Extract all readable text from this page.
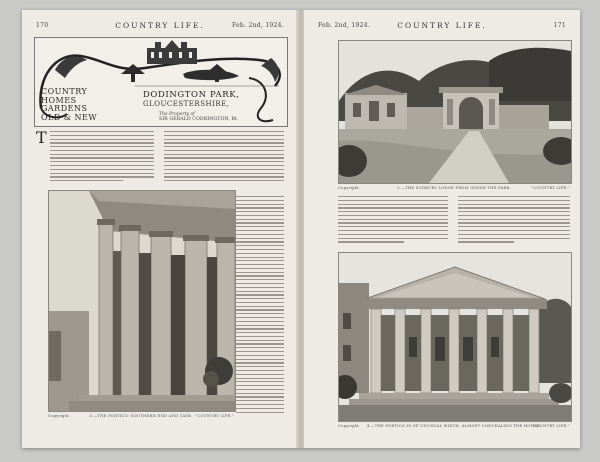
170	COUNTRY LIFE.	Feb. 2nd, 1924.
COUNTRY
HOMES
GARDENS
OLD & NEW
DODINGTON PARK,
GLOUCESTERSHIRE,
The Property of
SIR GERALD CODRINGTON, Bt.
T
Copyright.	3.—THE PORTICO: SOUTHERN END AND VASE. "COUNTRY LIFE."
Feb. 2nd, 1924.	COUNTRY LIFE.	171
Copyright.	2.—THE SODBURY LODGE FROM INSIDE THE PARK.	"COUNTRY LIFE."
Copyright.	4.—THE PORTICO IS OF UNUSUAL WIDTH, ALMOST CONCEALING THE HOUSE.
"COUNTRY LIFE."
